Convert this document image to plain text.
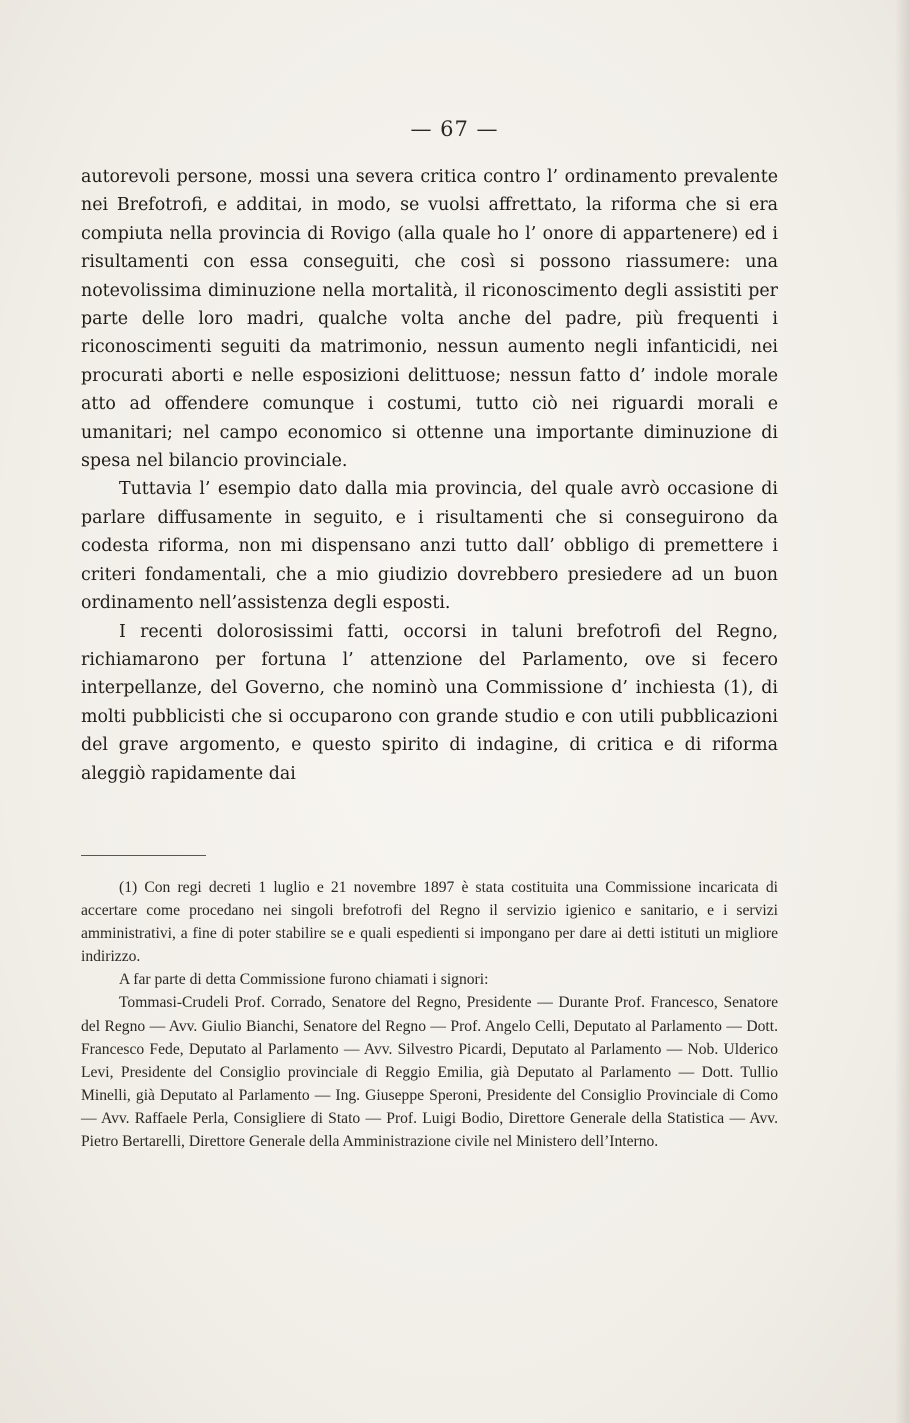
— 67 —

autorevoli persone, mossi una severa critica contro l’ ordinamento prevalente nei Brefotrofi, e additai, in modo, se vuolsi affrettato, la riforma che si era compiuta nella provincia di Rovigo (alla quale ho l’ onore di appartenere) ed i risultamenti con essa conseguiti, che così si possono riassumere: una notevolissima diminuzione nella mortalità, il riconoscimento degli assistiti per parte delle loro madri, qualche volta anche del padre, più frequenti i riconoscimenti seguiti da matrimonio, nessun aumento negli infanticidi, nei procurati aborti e nelle esposizioni delittuose; nessun fatto d’ indole morale atto ad offendere comunque i costumi, tutto ciò nei riguardi morali e umanitari; nel campo economico si ottenne una importante diminuzione di spesa nel bilancio provinciale.

Tuttavia l’ esempio dato dalla mia provincia, del quale avrò occasione di parlare diffusamente in seguito, e i risultamenti che si conseguirono da codesta riforma, non mi dispensano anzi tutto dall’ obbligo di premettere i criteri fondamentali, che a mio giudizio dovrebbero presiedere ad un buon ordinamento nell’assistenza degli esposti.

I recenti dolorosissimi fatti, occorsi in taluni brefotrofi del Regno, richiamarono per fortuna l’ attenzione del Parlamento, ove si fecero interpellanze, del Governo, che nominò una Commissione d’ inchiesta (1), di molti pubblicisti che si occuparono con grande studio e con utili pubblicazioni del grave argomento, e questo spirito di indagine, di critica e di riforma aleggiò rapidamente dai

(1) Con regi decreti 1 luglio e 21 novembre 1897 è stata costituita una Commissione incaricata di accertare come procedano nei singoli brefotrofi del Regno il servizio igienico e sanitario, e i servizi amministrativi, a fine di poter stabilire se e quali espedienti si impongano per dare ai detti istituti un migliore indirizzo.

A far parte di detta Commissione furono chiamati i signori:

Tommasi-Crudeli Prof. Corrado, Senatore del Regno, Presidente — Durante Prof. Francesco, Senatore del Regno — Avv. Giulio Bianchi, Senatore del Regno — Prof. Angelo Celli, Deputato al Parlamento — Dott. Francesco Fede, Deputato al Parlamento — Avv. Silvestro Picardi, Deputato al Parlamento — Nob. Ulderico Levi, Presidente del Consiglio provinciale di Reggio Emilia, già Deputato al Parlamento — Dott. Tullio Minelli, già Deputato al Parlamento — Ing. Giuseppe Speroni, Presidente del Consiglio Provinciale di Como — Avv. Raffaele Perla, Consigliere di Stato — Prof. Luigi Bodio, Direttore Generale della Statistica — Avv. Pietro Bertarelli, Direttore Generale della Amministrazione civile nel Ministero dell’Interno.
